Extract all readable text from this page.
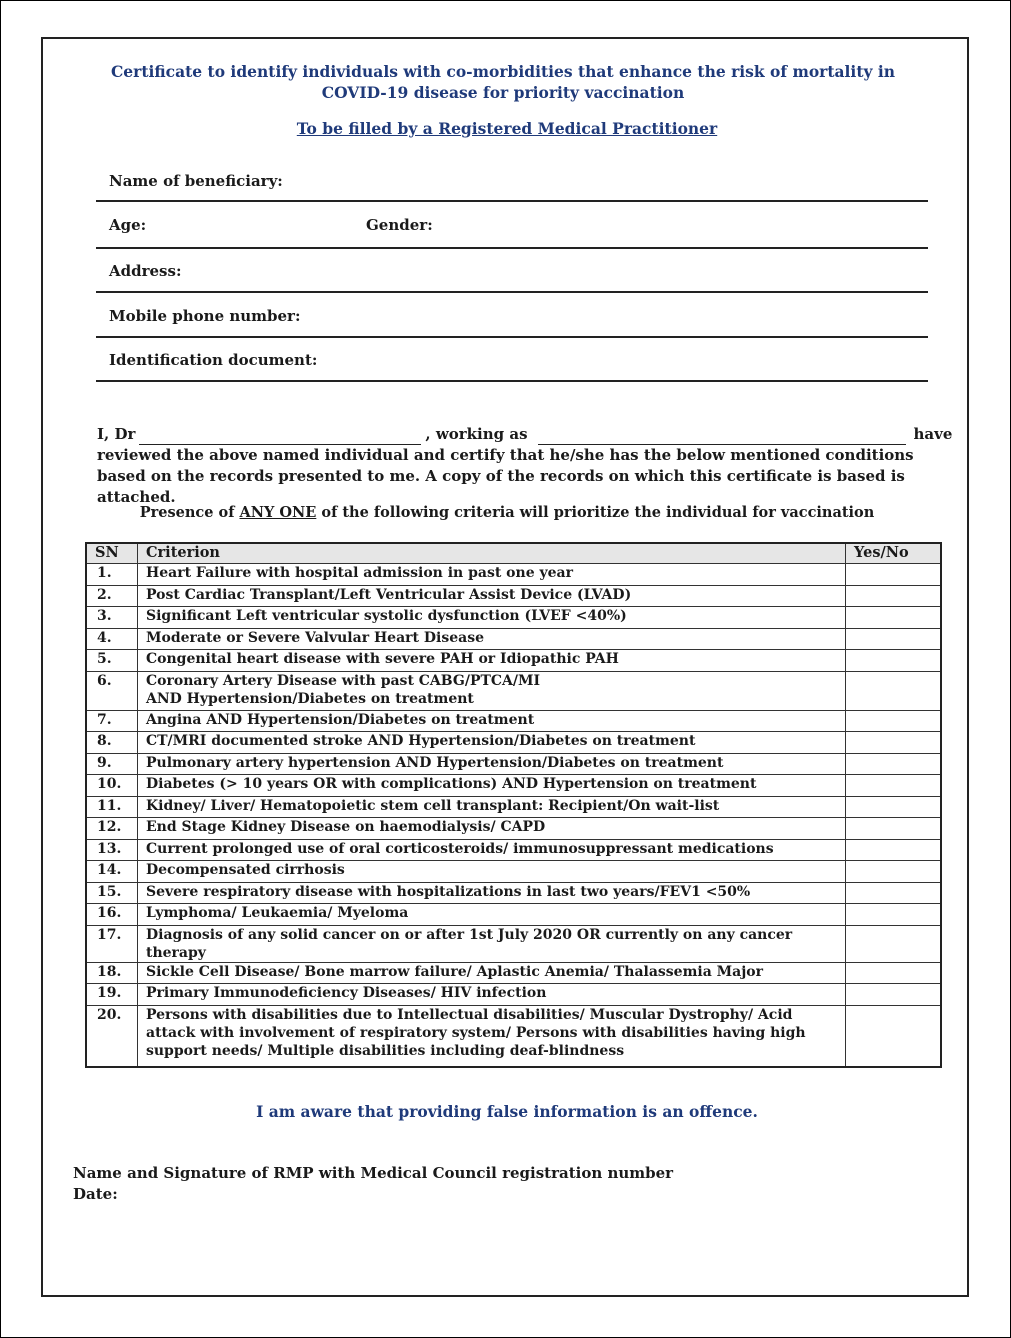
Certificate to identify individuals with co-morbidities that enhance the risk of mortality in COVID-19 disease for priority vaccination
To be filled by a Registered Medical Practitioner
Name of beneficiary:
Age:	Gender:
Address:
Mobile phone number:
Identification document:
I, Dr	, working as	have
reviewed the above named individual and certify that he/she has the below mentioned conditions based on the records presented to me. A copy of the records on which this certificate is based is attached.
Presence of ANY ONE of the following criteria will prioritize the individual for vaccination
SN	Criterion	Yes/No
1.	Heart Failure with hospital admission in past one year	
2.	Post Cardiac Transplant/Left Ventricular Assist Device (LVAD)	
3.	Significant Left ventricular systolic dysfunction (LVEF <40%)	
4.	Moderate or Severe Valvular Heart Disease	
5.	Congenital heart disease with severe PAH or Idiopathic PAH	
6.	Coronary Artery Disease with past CABG/PTCA/MI
AND Hypertension/Diabetes on treatment	
7.	Angina AND Hypertension/Diabetes on treatment	
8.	CT/MRI documented stroke AND Hypertension/Diabetes on treatment	
9.	Pulmonary artery hypertension AND Hypertension/Diabetes on treatment	
10.	Diabetes (> 10 years OR with complications) AND Hypertension on treatment	
11.	Kidney/ Liver/ Hematopoietic stem cell transplant: Recipient/On wait-list	
12.	End Stage Kidney Disease on haemodialysis/ CAPD	
13.	Current prolonged use of oral corticosteroids/ immunosuppressant medications	
14.	Decompensated cirrhosis	
15.	Severe respiratory disease with hospitalizations in last two years/FEV1 <50%	
16.	Lymphoma/ Leukaemia/ Myeloma	
17.	Diagnosis of any solid cancer on or after 1st July 2020 OR currently on any cancer therapy	
18.	Sickle Cell Disease/ Bone marrow failure/ Aplastic Anemia/ Thalassemia Major	
19.	Primary Immunodeficiency Diseases/ HIV infection	
20.	Persons with disabilities due to Intellectual disabilities/ Muscular Dystrophy/ Acid attack with involvement of respiratory system/ Persons with disabilities having high support needs/ Multiple disabilities including deaf-blindness	
I am aware that providing false information is an offence.
Name and Signature of RMP with Medical Council registration number
Date:
